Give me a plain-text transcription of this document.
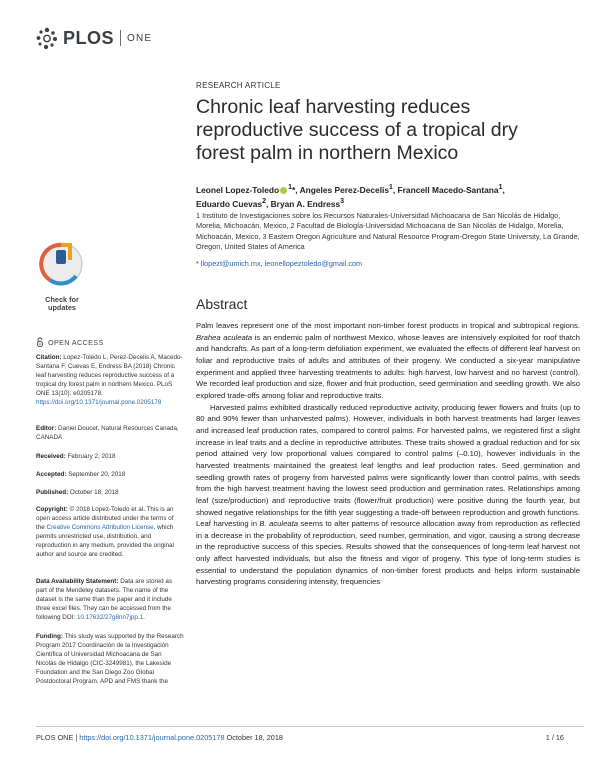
PLOS ONE
RESEARCH ARTICLE
Chronic leaf harvesting reduces reproductive success of a tropical dry forest palm in northern Mexico
Leonel Lopez-Toledo $^1$*, Angeles Perez-Decelis$^1$, Francell Macedo-Santana$^1$,
Eduardo Cuevas$^2$, Bryan A. Endress$^3$
1 Instituto de Investigaciones sobre los Recursos Naturales-Universidad Michoacana de San Nicolás de Hidalgo, Morelia, Michoacán, Mexico, 2 Facultad de Biología-Universidad Michoacana de San Nicolás de Hidalgo, Morelia, Michoacán, Mexico, 3 Eastern Oregon Agriculture and Natural Resource Program-Oregon State University, La Grande, Oregon, United States of America
* llopezt@umich.mx, leonellopeztoledo@gmail.com
Check for
updates
OPEN ACCESS
Citation: Lopez-Toledo L, Perez-Decelis A, Macedo-Santana F, Cuevas E, Endress BA (2018) Chronic leaf harvesting reduces reproductive success of a tropical dry forest palm in northern Mexico. PLoS ONE 13(10): e0205178. https://doi.org/10.1371/journal.pone.0205178
Editor: Daniel Doucet, Natural Resources Canada, CANADA
Received: February 2, 2018
Accepted: September 20, 2018
Published: October 18, 2018
Copyright: © 2018 Lopez-Toledo et al. This is an open access article distributed under the terms of the Creative Commons Attribution License, which permits unrestricted use, distribution, and reproduction in any medium, provided the original author and source are credited.
Data Availability Statement: Data are stored as part of the Mendeley datasets. The name of the dataset is the same than the paper and it include three excel files. They can be accessed from the following DOI: 10.17632/27g8nn7jpp.1.
Funding: This study was supported by the Research Program 2017 Coordinación de la Investigación Científica of Universidad Michoacana de San Nicolás de Hidalgo (CIC-3249981), the Lakeside Foundation and the San Diego Zoo Global Postdoctoral Program. APD and FMS thank the
Abstract

Palm leaves represent one of the most important non-timber forest products in tropical and subtropical regions. Brahea aculeata is an endemic palm of northwest Mexico, whose leaves are intensively exploited for roof thatch and handcrafts. As part of a long-term defoliation experiment, we evaluated the effects of different leaf harvest on foliar and reproductive traits of adults and attributes of their progeny. We conducted a six-year manipulative experiment and applied three harvesting treatments to adults: high harvest, low harvest and no harvest (control). We recorded leaf production and size, flower and fruit production, seed germination and seedling growth. We also explored trade-offs among foliar and reproductive traits.

Harvested palms exhibited drastically reduced reproductive activity, producing fewer flowers and fruits (up to 80 and 90% fewer than unharvested palms). However, individuals in both harvest treatments had larger leaves and increased leaf production rates, compared to control palms. For harvested palms, we registered first a slight increase in leaf traits and a decline in reproductive attributes. These traits showed a gradual reduction and for six period attained very low proportional values compared to control palms (–0.10), however individuals in the harvested treatments maintained the greatest leaf lengths and leaf production rates. Seed germination and seedling growth rates of progeny from harvested palms were significantly lower than control palms, with seeds from the high harvest treatment having the lowest seed production and germination rates. Relationships among leaf (size/production) and reproductive traits (flower/fruit production) were positive during the fourth year, but showed negative relationships for the fifth year suggesting a trade-off between reproduction and growth functions. Leaf harvesting in B. aculeata seems to alter patterns of resource allocation away from reproduction as reflected in a decrease in the probability of reproduction, seed number, germination, and vigor, causing a strong decrease in the reproductive success of this species. Results showed that the consequences of long-term leaf harvest not only affect harvested individuals, but also the fitness and vigor of progeny. This type of long-term studies is essential to understand the population dynamics of non-timber forest products and helps inform sustainable harvesting programs considering intensity, frequencies

PLOS ONE | https://doi.org/10.1371/journal.pone.0205178 October 18, 2018	1 / 16
